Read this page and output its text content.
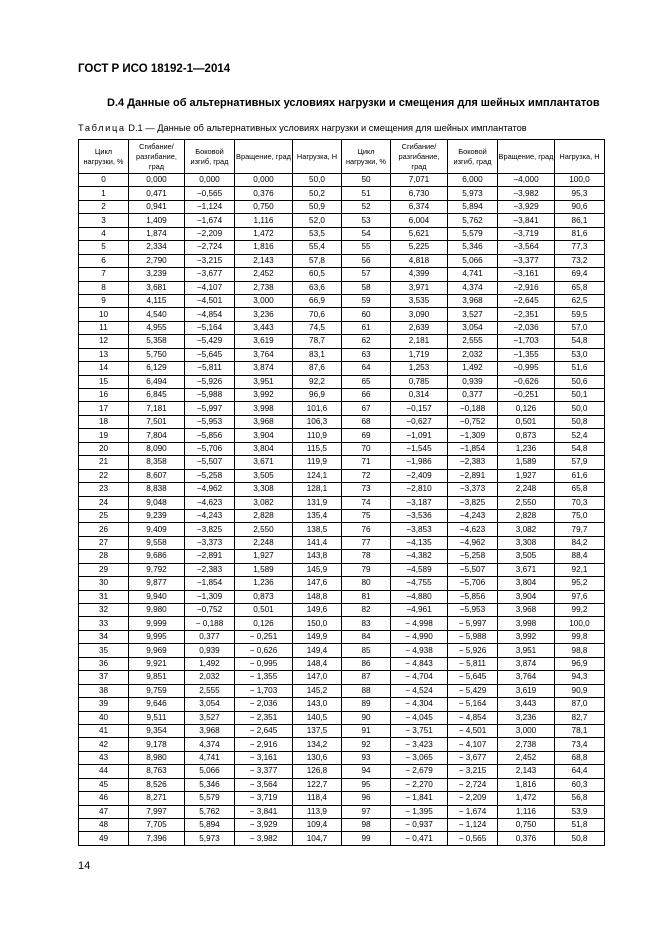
ГОСТ Р ИСО 18192-1—2014
D.4 Данные об альтернативных условиях нагрузки и смещения для шейных имплантатов
Таблица D.1 — Данные об альтернативных условиях нагрузки и смещения для шейных имплантатов
Цикл нагрузки, %	Сгибание/ разгибание, град	Боковой изгиб, град	Вращение, град	Нагрузка, Н	Цикл нагрузки, %	Сгибание/ разгибание, град	Боковой изгиб, град	Вращение, град	Нагрузка, Н
0	0,000	0,000	0,000	50,0	50	7,071	6,000	−4,000	100,0
1	0,471	−0,565	0,376	50,2	51	6,730	5,973	−3,982	95,3
2	0,941	−1,124	0,750	50,9	52	6,374	5,894	−3,929	90,6
3	1,409	−1,674	1,116	52,0	53	6,004	5,762	−3,841	86,1
4	1,874	−2,209	1,472	53,5	54	5,621	5,579	−3,719	81,6
5	2,334	−2,724	1,816	55,4	55	5,225	5,346	−3,564	77,3
6	2,790	−3,215	2,143	57,8	56	4,818	5,066	−3,377	73,2
7	3,239	−3,677	2,452	60,5	57	4,399	4,741	−3,161	69,4
8	3,681	−4,107	2,738	63,6	58	3,971	4,374	−2,916	65,8
9	4,115	−4,501	3,000	66,9	59	3,535	3,968	−2,645	62,5
10	4,540	−4,854	3,236	70,6	60	3,090	3,527	−2,351	59,5
11	4,955	−5,164	3,443	74,5	61	2,639	3,054	−2,036	57,0
12	5,358	−5,429	3,619	78,7	62	2,181	2,555	−1,703	54,8
13	5,750	−5,645	3,764	83,1	63	1,719	2,032	−1,355	53,0
14	6,129	−5,811	3,874	87,6	64	1,253	1,492	−0,995	51,6
15	6,494	−5,926	3,951	92,2	65	0,785	0,939	−0,626	50,6
16	6,845	−5,988	3,992	96,9	66	0,314	0,377	−0,251	50,1
17	7,181	−5,997	3,998	101,6	67	−0,157	−0,188	0,126	50,0
18	7,501	−5,953	3,968	106,3	68	−0,627	−0,752	0,501	50,8
19	7,804	−5,856	3,904	110,9	69	−1,091	−1,309	0,873	52,4
20	8,090	−5,706	3,804	115,5	70	−1,545	−1,854	1,236	54,8
21	8,358	−5,507	3,671	119,9	71	−1,986	−2,383	1,589	57,9
22	8,607	−5,258	3,505	124,1	72	−2,409	−2,891	1,927	61,6
23	8,838	−4,962	3,308	128,1	73	−2,810	−3,373	2,248	65,8
24	9,048	−4,623	3,082	131,9	74	−3,187	−3,825	2,550	70,3
25	9,239	−4,243	2,828	135,4	75	−3,536	−4,243	2,828	75,0
26	9,409	−3,825	2,550	138,5	76	−3,853	−4,623	3,082	79,7
27	9,558	−3,373	2,248	141,4	77	−4,135	−4,962	3,308	84,2
28	9,686	−2,891	1,927	143,8	78	−4,382	−5,258	3,505	88,4
29	9,792	−2,383	1,589	145,9	79	−4,589	−5,507	3,671	92,1
30	9,877	−1,854	1,236	147,6	80	−4,755	−5,706	3,804	95,2
31	9,940	−1,309	0,873	148,8	81	−4,880	−5,856	3,904	97,6
32	9,980	−0,752	0,501	149,6	82	−4,961	−5,953	3,968	99,2
33	9,999	− 0,188	0,126	150,0	83	− 4,998	− 5,997	3,998	100,0
34	9,995	0,377	− 0,251	149,9	84	− 4,990	− 5,988	3,992	99,8
35	9,969	0,939	− 0,626	149,4	85	− 4,938	− 5,926	3,951	98,8
36	9,921	1,492	− 0,995	148,4	86	− 4,843	− 5,811	3,874	96,9
37	9,851	2,032	− 1,355	147,0	87	− 4,704	− 5,645	3,764	94,3
38	9,759	2,555	− 1,703	145,2	88	− 4,524	− 5,429	3,619	90,9
39	9,646	3,054	− 2,036	143,0	89	− 4,304	− 5,164	3,443	87,0
40	9,511	3,527	− 2,351	140,5	90	− 4,045	− 4,854	3,236	82,7
41	9,354	3,968	− 2,645	137,5	91	− 3,751	− 4,501	3,000	78,1
42	9,178	4,374	− 2,916	134,2	92	− 3,423	− 4,107	2,738	73,4
43	8,980	4,741	− 3,161	130,6	93	− 3,065	− 3,677	2,452	68,8
44	8,763	5,066	− 3,377	126,8	94	− 2,679	− 3,215	2,143	64,4
45	8,526	5,346	− 3,564	122,7	95	− 2,270	− 2,724	1,816	60,3
46	8,271	5,579	− 3,719	118,4	96	− 1,841	− 2,209	1,472	56,8
47	7,997	5,762	− 3,841	113,9	97	− 1,395	− 1,674	1,116	53,9
48	7,705	5,894	− 3,929	109,4	98	− 0,937	− 1,124	0,750	51,8
49	7,396	5,973	− 3,982	104,7	99	− 0,471	− 0,565	0,376	50,8
14
